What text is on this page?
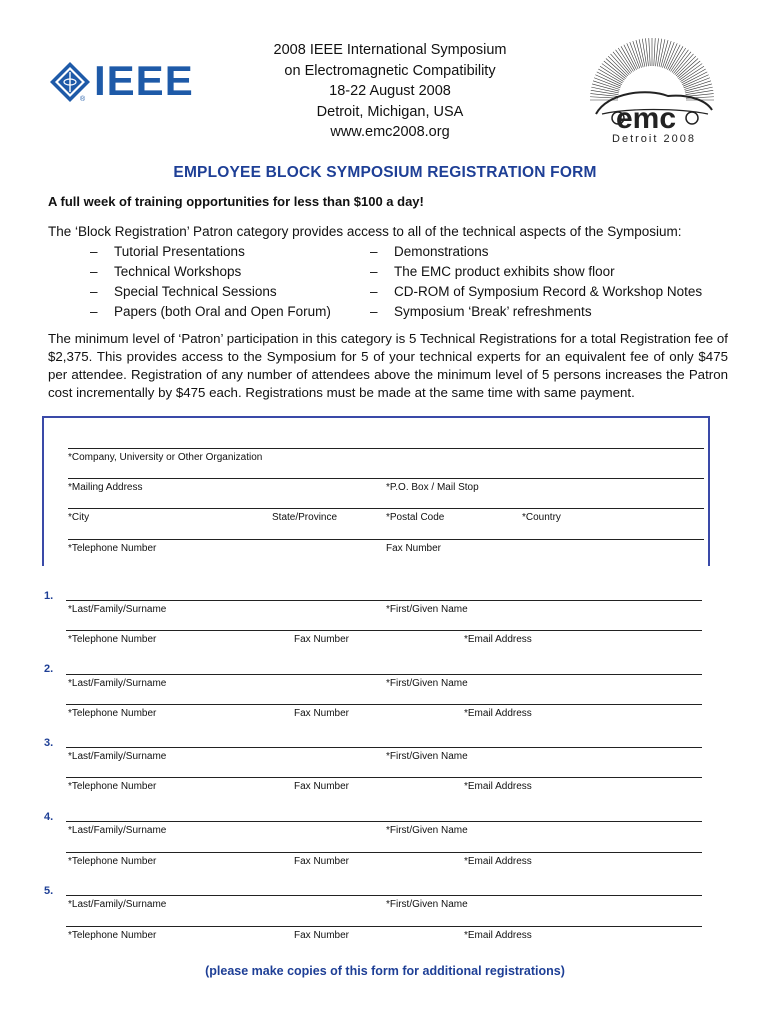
IEEE
®
2008 IEEE International Symposium
on Electromagnetic Compatibility
18-22 August 2008
Detroit, Michigan, USA
www.emc2008.org	emc
Detroit 2008
EMPLOYEE BLOCK SYMPOSIUM REGISTRATION FORM
A full week of training opportunities for less than $100 a day!
The ‘Block Registration’ Patron category provides access to all of the technical aspects of the Symposium:
– Tutorial Presentations
– Technical Workshops
– Special Technical Sessions
– Papers (both Oral and Open Forum)
– Demonstrations
– The EMC product exhibits show floor
– CD-ROM of Symposium Record & Workshop Notes
– Symposium ‘Break’ refreshments
The minimum level of ‘Patron’ participation in this category is 5 Technical Registrations for a total Registration fee of $2,375. This provides access to the Symposium for 5 of your technical experts for an equivalent fee of only $475 per attendee. Registration of any number of attendees above the minimum level of 5 persons increases the Patron cost incrementally by $475 each. Registrations must be made at the same time with same payment.
*Company, University or Other Organization
*Mailing Address	*P.O. Box / Mail Stop
*City	State/Province	*Postal Code	*Country
*Telephone Number	Fax Number
1.
*Last/Family/Surname	*First/Given Name
*Telephone Number	Fax Number	*Email Address
2.
*Last/Family/Surname	*First/Given Name
*Telephone Number	Fax Number	*Email Address
3.
*Last/Family/Surname	*First/Given Name
*Telephone Number	Fax Number	*Email Address
4.
*Last/Family/Surname	*First/Given Name
*Telephone Number	Fax Number	*Email Address
5.
*Last/Family/Surname	*First/Given Name
*Telephone Number	Fax Number	*Email Address
(please make copies of this form for additional registrations)
